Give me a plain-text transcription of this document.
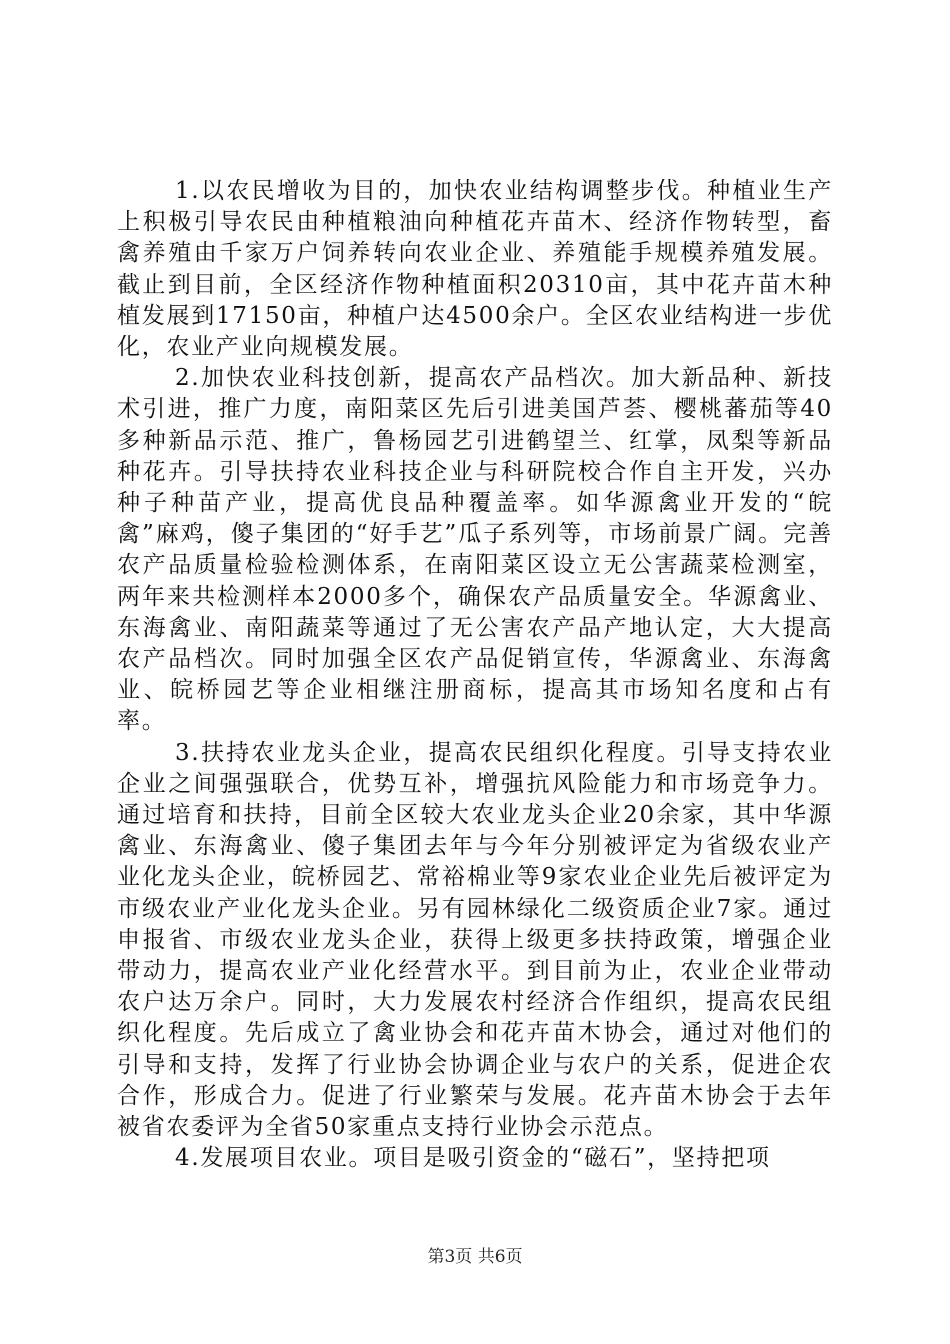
1.以农民增收为目的，加快农业结构调整步伐。种植业生产上积极引导农民由种植粮油向种植花卉苗木、经济作物转型，畜禽养殖由千家万户饲养转向农业企业、养殖能手规模养殖发展。截止到目前，全区经济作物种植面积20310亩，其中花卉苗木种植发展到17150亩，种植户达4500余户。全区农业结构进一步优化，农业产业向规模发展。

2.加快农业科技创新，提高农产品档次。加大新品种、新技术引进，推广力度，南阳菜区先后引进美国芦荟、樱桃蕃茄等40多种新品示范、推广，鲁杨园艺引进鹤望兰、红掌，凤梨等新品种花卉。引导扶持农业科技企业与科研院校合作自主开发，兴办种子种苗产业，提高优良品种覆盖率。如华源禽业开发的“皖禽”麻鸡，傻子集团的“好手艺”瓜子系列等，市场前景广阔。完善农产品质量检验检测体系，在南阳菜区设立无公害蔬菜检测室，两年来共检测样本2000多个，确保农产品质量安全。华源禽业、东海禽业、南阳蔬菜等通过了无公害农产品产地认定，大大提高农产品档次。同时加强全区农产品促销宣传，华源禽业、东海禽业、皖桥园艺等企业相继注册商标，提高其市场知名度和占有率。

3.扶持农业龙头企业，提高农民组织化程度。引导支持农业企业之间强强联合，优势互补，增强抗风险能力和市场竞争力。通过培育和扶持，目前全区较大农业龙头企业20余家，其中华源禽业、东海禽业、傻子集团去年与今年分别被评定为省级农业产业化龙头企业，皖桥园艺、常裕棉业等9家农业企业先后被评定为市级农业产业化龙头企业。另有园林绿化二级资质企业7家。通过申报省、市级农业龙头企业，获得上级更多扶持政策，增强企业带动力，提高农业产业化经营水平。到目前为止，农业企业带动农户达万余户。同时，大力发展农村经济合作组织，提高农民组织化程度。先后成立了禽业协会和花卉苗木协会，通过对他们的引导和支持，发挥了行业协会协调企业与农户的关系，促进企农合作，形成合力。促进了行业繁荣与发展。花卉苗木协会于去年被省农委评为全省50家重点支持行业协会示范点。

4.发展项目农业。项目是吸引资金的“磁石”，坚持把项

第3页 共6页
